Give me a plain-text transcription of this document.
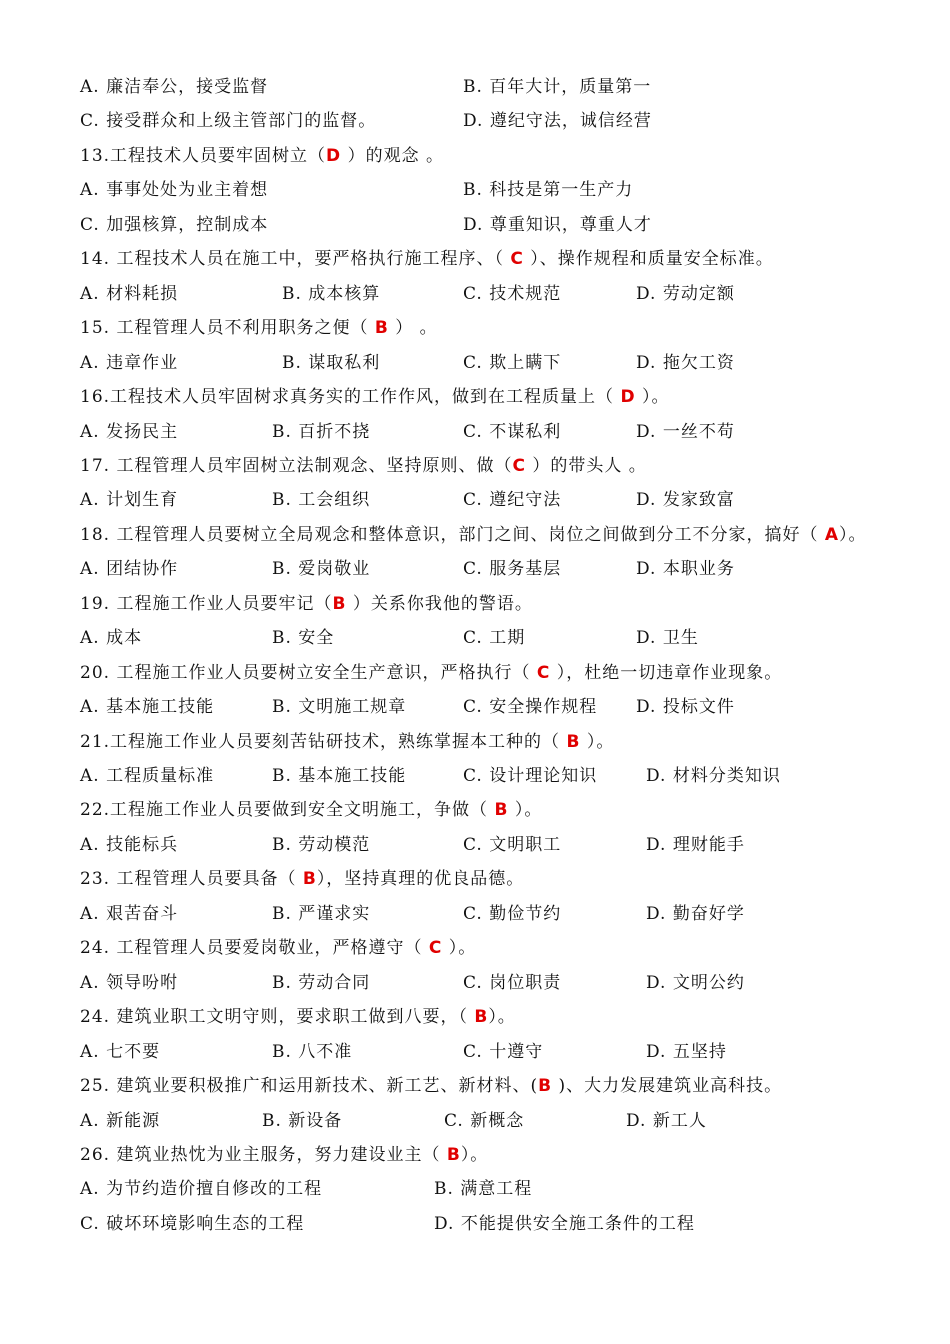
A. 廉洁奉公，接受监督	B. 百年大计，质量第一
C. 接受群众和上级主管部门的监督。	D. 遵纪守法，诚信经营
13.工程技术人员要牢固树立（D ）的观念 。
A. 事事处处为业主着想	B. 科技是第一生产力
C. 加强核算，控制成本	D. 尊重知识，尊重人才
14. 工程技术人员在施工中，要严格执行施工程序、（ C ）、操作规程和质量安全标准。
A. 材料耗损	B. 成本核算	C. 技术规范	D. 劳动定额
15. 工程管理人员不利用职务之便（ B ） 。
A. 违章作业	B. 谋取私利	C. 欺上瞒下	D. 拖欠工资
16.工程技术人员牢固树求真务实的工作作风，做到在工程质量上（ D ）。
A. 发扬民主	B. 百折不挠	C. 不谋私利	D. 一丝不苟
17. 工程管理人员牢固树立法制观念、坚持原则、做（C ）的带头人 。
A. 计划生育	B. 工会组织	C. 遵纪守法	D. 发家致富
18. 工程管理人员要树立全局观念和整体意识，部门之间、岗位之间做到分工不分家，搞好（ A）。
A. 团结协作	B. 爱岗敬业	C. 服务基层	D. 本职业务
19. 工程施工作业人员要牢记（B ）关系你我他的警语。
A. 成本	B. 安全	C. 工期	D. 卫生
20. 工程施工作业人员要树立安全生产意识，严格执行（ C ），杜绝一切违章作业现象。
A. 基本施工技能	B. 文明施工规章	C. 安全操作规程 D. 投标文件
21.工程施工作业人员要刻苦钻研技术，熟练掌握本工种的（ B ）。
A. 工程质量标准	B. 基本施工技能	C. 设计理论知识	D. 材料分类知识
22.工程施工作业人员要做到安全文明施工，争做（ B ）。
A. 技能标兵	B. 劳动模范	C. 文明职工	D. 理财能手
23. 工程管理人员要具备（ B），坚持真理的优良品德。
A. 艰苦奋斗	B. 严谨求实	C. 勤俭节约	D. 勤奋好学
24. 工程管理人员要爱岗敬业，严格遵守（ C ）。
A. 领导吩咐	B. 劳动合同	C. 岗位职责	D. 文明公约
24. 建筑业职工文明守则，要求职工做到八要，（ B）。
A. 七不要	B. 八不准	C. 十遵守	D. 五坚持
25. 建筑业要积极推广和运用新技术、新工艺、新材料、(B )、大力发展建筑业高科技。
A. 新能源	B. 新设备	C. 新概念	D. 新工人
26. 建筑业热忱为业主服务，努力建设业主（ B）。
A. 为节约造价擅自修改的工程	B. 满意工程
C. 破坏环境影响生态的工程	D. 不能提供安全施工条件的工程
